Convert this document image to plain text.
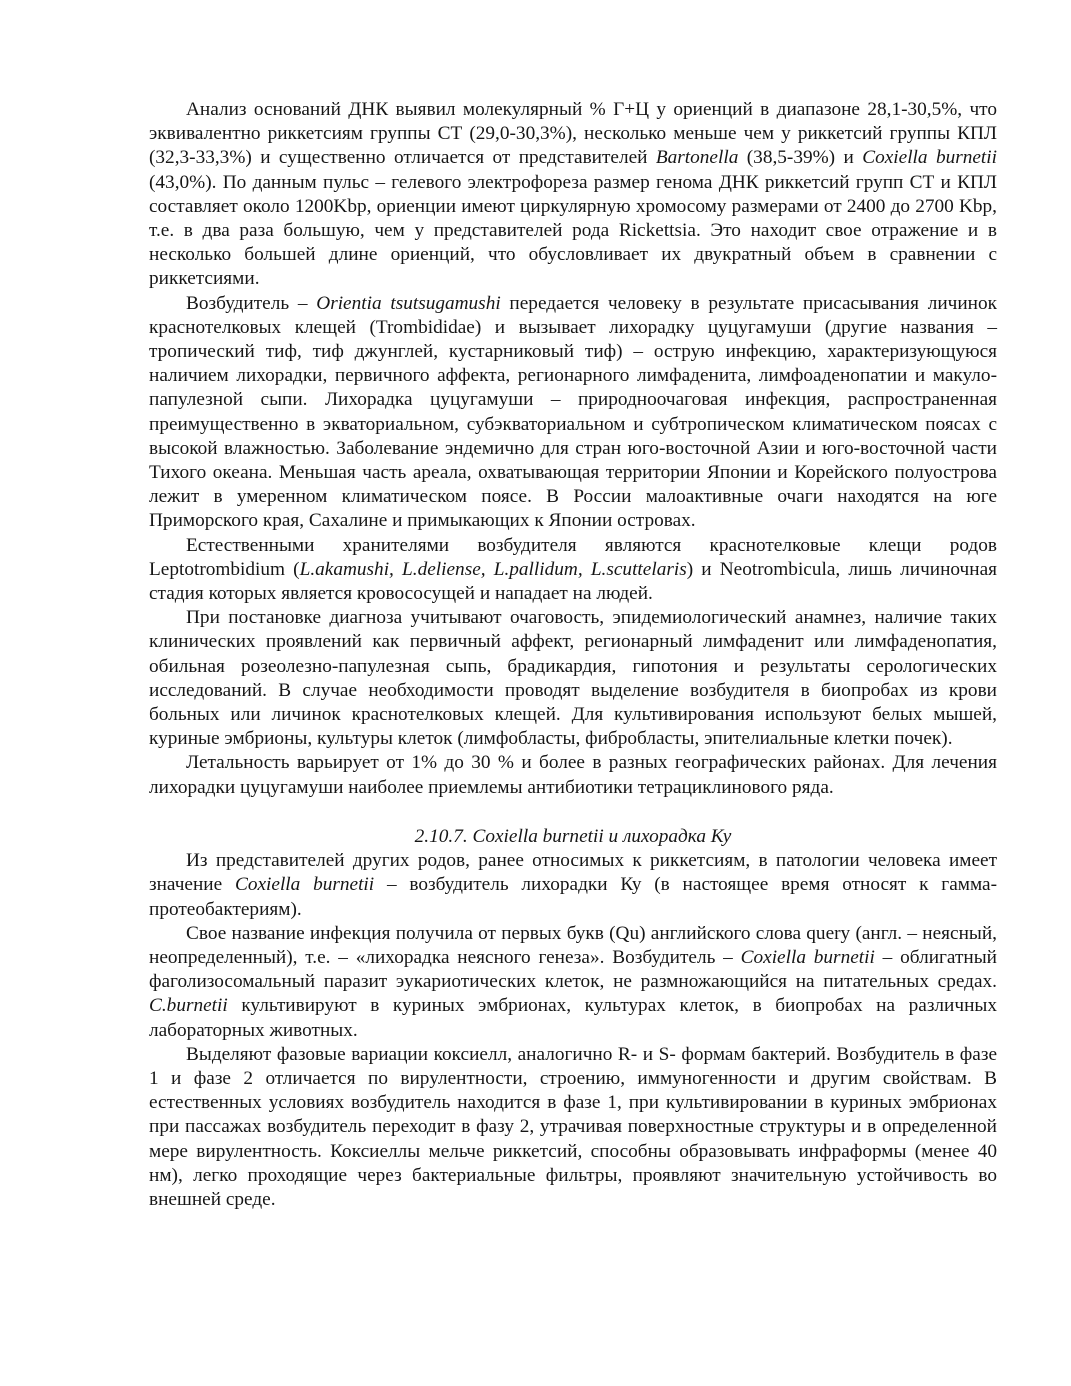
Анализ оснований ДНК выявил молекулярный % Г+Ц у ориенций в диапазоне 28,1-30,5%, что эквивалентно риккетсиям группы СТ (29,0-30,3%), несколько меньше чем у риккетсий группы КПЛ (32,3-33,3%) и существенно отличается от представителей Bartonella (38,5-39%) и Coxiella burnetii (43,0%). По данным пульс – гелевого электрофореза размер генома ДНК риккетсий групп СТ и КПЛ составляет около 1200Kbp, ориенции имеют циркулярную хромосому размерами от 2400 до 2700 Kbp, т.е. в два раза большую, чем у представителей рода Rickettsia. Это находит свое отражение и в несколько большей длине ориенций, что обусловливает их двукратный объем в сравнении с риккетсиями.

Возбудитель – Orientia tsutsugamushi передается человеку в результате присасывания личинок краснотелковых клещей (Trombididae) и вызывает лихорадку цуцугамуши (другие названия – тропический тиф, тиф джунглей, кустарниковый тиф) – острую инфекцию, характеризующуюся наличием лихорадки, первичного аффекта, регионарного лимфаденита, лимфоаденопатии и макуло-папулезной сыпи. Лихорадка цуцугамуши – природноочаговая инфекция, распространенная преимущественно в экваториальном, субэкваториальном и субтропическом климатическом поясах с высокой влажностью. Заболевание эндемично для стран юго-восточной Азии и юго-восточной части Тихого океана. Меньшая часть ареала, охватывающая территории Японии и Корейского полуострова лежит в умеренном климатическом поясе. В России малоактивные очаги находятся на юге Приморского края, Сахалине и примыкающих к Японии островах.

Естественными хранителями возбудителя являются краснотелковые клещи родов Leptotrombidium (L.akamushi, L.deliense, L.pallidum, L.scuttelaris) и Neotrombicula, лишь личиночная стадия которых является кровососущей и нападает на людей.

При постановке диагноза учитывают очаговость, эпидемиологический анамнез, наличие таких клинических проявлений как первичный аффект, регионарный лимфаденит или лимфаденопатия, обильная розеолезно-папулезная сыпь, брадикардия, гипотония и результаты серологических исследований. В случае необходимости проводят выделение возбудителя в биопробах из крови больных или личинок краснотелковых клещей. Для культивирования используют белых мышей, куриные эмбрионы, культуры клеток (лимфобласты, фибробласты, эпителиальные клетки почек).

Летальность варьирует от 1% до 30 % и более в разных географических районах. Для лечения лихорадки цуцугамуши наиболее приемлемы антибиотики тетрациклинового ряда.

2.10.7. Coxiella burnetii и лихорадка Ку

Из представителей других родов, ранее относимых к риккетсиям, в патологии человека имеет значение Coxiella burnetii – возбудитель лихорадки Ку (в настоящее время относят к гамма-протеобактериям).

Свое название инфекция получила от первых букв (Qu) английского слова query (англ. – неясный, неопределенный), т.е. – «лихорадка неясного генеза». Возбудитель – Coxiella burnetii – облигатный фаголизосомальный паразит эукариотических клеток, не размножающийся на питательных средах. C.burnetii культивируют в куриных эмбрионах, культурах клеток, в биопробах на различных лабораторных животных.

Выделяют фазовые вариации коксиелл, аналогично R- и S- формам бактерий. Возбудитель в фазе 1 и фазе 2 отличается по вирулентности, строению, иммуногенности и другим свойствам. В естественных условиях возбудитель находится в фазе 1, при культивировании в куриных эмбрионах при пассажах возбудитель переходит в фазу 2, утрачивая поверхностные структуры и в определенной мере вирулентность. Коксиеллы мельче риккетсий, способны образовывать инфраформы (менее 40 нм), легко проходящие через бактериальные фильтры, проявляют значительную устойчивость во внешней среде.
